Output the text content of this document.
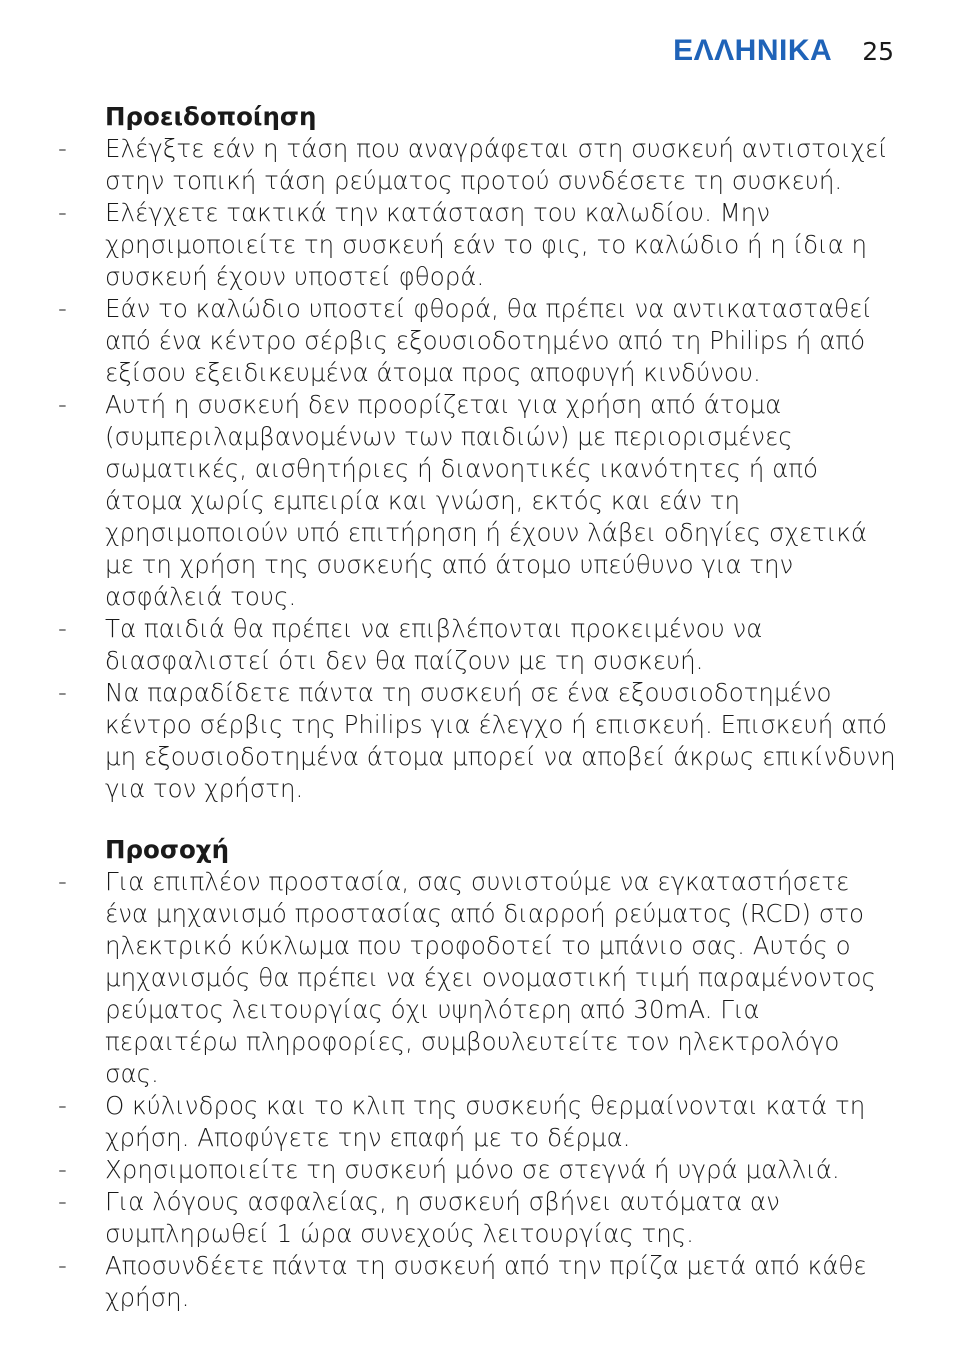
ΕΛΛΗΝΙΚΑ 25
Προειδοποίηση
- Ελέγξτε εάν η τάση που αναγράφεται στη συσκευή αντιστοιχεί στην τοπική τάση ρεύματος προτού συνδέσετε τη συσκευή.
- Ελέγχετε τακτικά την κατάσταση του καλωδίου. Μην χρησιμοποιείτε τη συσκευή εάν το φις, το καλώδιο ή η ίδια η συσκευή έχουν υποστεί φθορά.
- Εάν το καλώδιο υποστεί φθορά, θα πρέπει να αντικατασταθεί από ένα κέντρο σέρβις εξουσιοδοτημένο από τη Philips ή από εξίσου εξειδικευμένα άτομα προς αποφυγή κινδύνου.
- Αυτή η συσκευή δεν προορίζεται για χρήση από άτομα (συμπεριλαμβανομένων των παιδιών) με περιορισμένες σωματικές, αισθητήριες ή διανοητικές ικανότητες ή από άτομα χωρίς εμπειρία και γνώση, εκτός και εάν τη χρησιμοποιούν υπό επιτήρηση ή έχουν λάβει οδηγίες σχετικά με τη χρήση της συσκευής από άτομο υπεύθυνο για την ασφάλειά τους.
- Τα παιδιά θα πρέπει να επιβλέπονται προκειμένου να διασφαλιστεί ότι δεν θα παίζουν με τη συσκευή.
- Να παραδίδετε πάντα τη συσκευή σε ένα εξουσιοδοτημένο κέντρο σέρβις της Philips για έλεγχο ή επισκευή. Επισκευή από μη εξουσιοδοτημένα άτομα μπορεί να αποβεί άκρως επικίνδυνη για τον χρήστη.
Προσοχή
- Για επιπλέον προστασία, σας συνιστούμε να εγκαταστήσετε ένα μηχανισμό προστασίας από διαρροή ρεύματος (RCD) στο ηλεκτρικό κύκλωμα που τροφοδοτεί το μπάνιο σας. Αυτός ο μηχανισμός θα πρέπει να έχει ονομαστική τιμή παραμένοντος ρεύματος λειτουργίας όχι υψηλότερη από 30mA. Για περαιτέρω πληροφορίες, συμβουλευτείτε τον ηλεκτρολόγο σας.
- Ο κύλινδρος και το κλιπ της συσκευής θερμαίνονται κατά τη χρήση. Αποφύγετε την επαφή με το δέρμα.
- Χρησιμοποιείτε τη συσκευή μόνο σε στεγνά ή υγρά μαλλιά.
- Για λόγους ασφαλείας, η συσκευή σβήνει αυτόματα αν συμπληρωθεί 1 ώρα συνεχούς λειτουργίας της.
- Αποσυνδέετε πάντα τη συσκευή από την πρίζα μετά από κάθε χρήση.
